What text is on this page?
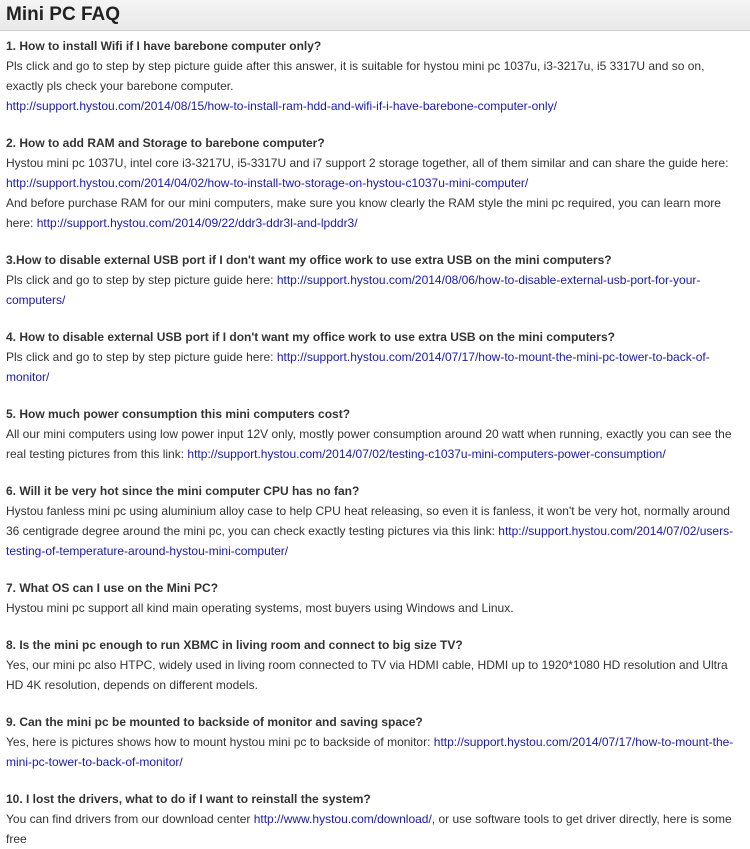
Mini PC FAQ

1. How to install Wifi if I have barebone computer only?

Pls click and go to step by step picture guide after this answer, it is suitable for hystou mini pc 1037u, i3-3217u, i5 3317U and so on, exactly pls check your barebone computer.
http://support.hystou.com/2014/08/15/how-to-install-ram-hdd-and-wifi-if-i-have-barebone-computer-only/

2. How to add RAM and Storage to barebone computer?

Hystou mini pc 1037U, intel core i3-3217U, i5-3317U and i7 support 2 storage together, all of them similar and can share the guide here: http://support.hystou.com/2014/04/02/how-to-install-two-storage-on-hystou-c1037u-mini-computer/
And before purchase RAM for our mini computers, make sure you know clearly the RAM style the mini pc required, you can learn more here: http://support.hystou.com/2014/09/22/ddr3-ddr3l-and-lpddr3/

3.How to disable external USB port if I don't want my office work to use extra USB on the mini computers?

Pls click and go to step by step picture guide here: http://support.hystou.com/2014/08/06/how-to-disable-external-usb-port-for-your-computers/

4. How to disable external USB port if I don't want my office work to use extra USB on the mini computers?

Pls click and go to step by step picture guide here: http://support.hystou.com/2014/07/17/how-to-mount-the-mini-pc-tower-to-back-of-monitor/

5. How much power consumption this mini computers cost?

All our mini computers using low power input 12V only, mostly power consumption around 20 watt when running, exactly you can see the real testing pictures from this link: http://support.hystou.com/2014/07/02/testing-c1037u-mini-computers-power-consumption/

6. Will it be very hot since the mini computer CPU has no fan?

Hystou fanless mini pc using aluminium alloy case to help CPU heat releasing, so even it is fanless, it won't be very hot, normally around 36 centigrade degree around the mini pc, you can check exactly testing pictures via this link: http://support.hystou.com/2014/07/02/users-testing-of-temperature-around-hystou-mini-computer/

7. What OS can I use on the Mini PC?

Hystou mini pc support all kind main operating systems, most buyers using Windows and Linux.

8. Is the mini pc enough to run XBMC in living room and connect to big size TV?

Yes, our mini pc also HTPC, widely used in living room connected to TV via HDMI cable, HDMI up to 1920*1080 HD resolution and Ultra HD 4K resolution, depends on different models.

9. Can the mini pc be mounted to backside of monitor and saving space?

Yes, here is pictures shows how to mount hystou mini pc to backside of monitor: http://support.hystou.com/2014/07/17/how-to-mount-the-mini-pc-tower-to-back-of-monitor/

10. I lost the drivers, what to do if I want to reinstall the system?

You can find drivers from our download center http://www.hystou.com/download/, or use software tools to get driver directly, here is some free
